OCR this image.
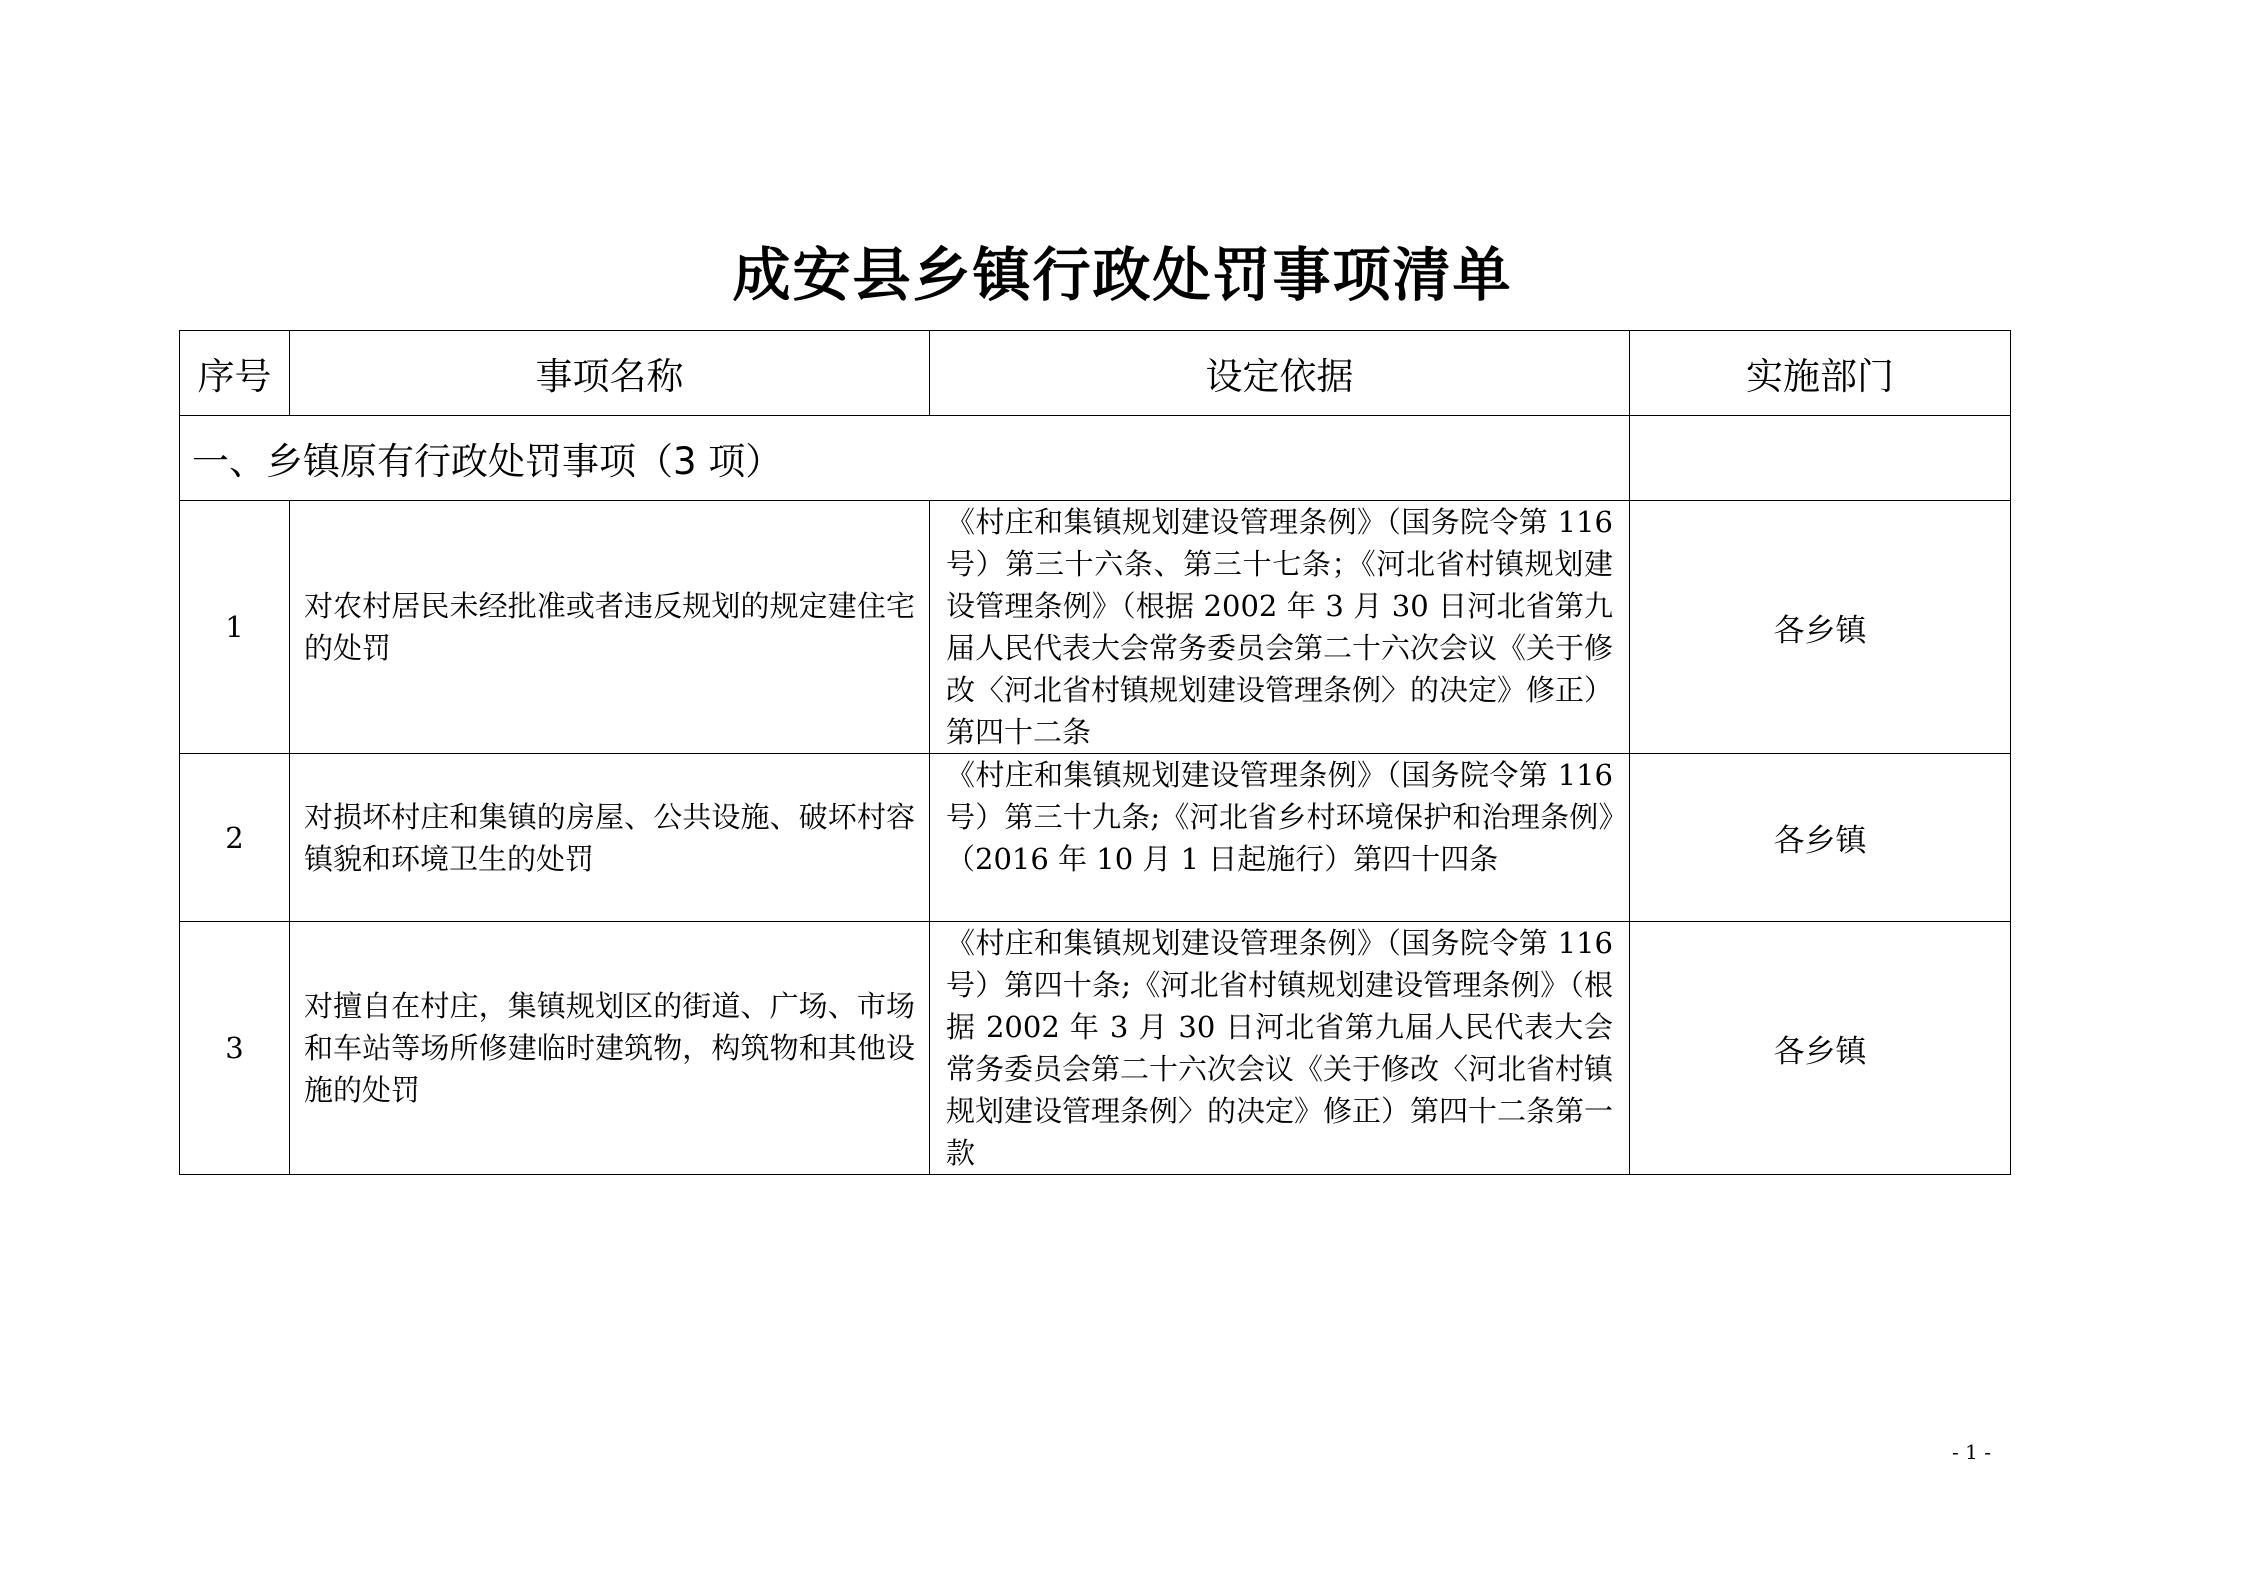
成安县乡镇行政处罚事项清单
序号	事项名称	设定依据	实施部门
一、乡镇原有行政处罚事项（3 项）			
1	对农村居民未经批准或者违反规划的规定建住宅的处罚	《村庄和集镇规划建设管理条例》（国务院令第 116 号）第三十六条、第三十七条；《河北省村镇规划建设管理条例》（根据 2002 年 3 月 30 日河北省第九届人民代表大会常务委员会第二十六次会议《关于修改〈河北省村镇规划建设管理条例〉的决定》修正）第四十二条	各乡镇
2	对损坏村庄和集镇的房屋、公共设施、破坏村容镇貌和环境卫生的处罚	《村庄和集镇规划建设管理条例》（国务院令第 116 号）第三十九条;《河北省乡村环境保护和治理条例》（2016 年 10 月 1 日起施行）第四十四条	各乡镇
3	对擅自在村庄，集镇规划区的街道、广场、市场和车站等场所修建临时建筑物，构筑物和其他设施的处罚	《村庄和集镇规划建设管理条例》（国务院令第 116 号）第四十条;《河北省村镇规划建设管理条例》（根据 2002 年 3 月 30 日河北省第九届人民代表大会常务委员会第二十六次会议《关于修改〈河北省村镇规划建设管理条例〉的决定》修正）第四十二条第一款	各乡镇
- 1 -
